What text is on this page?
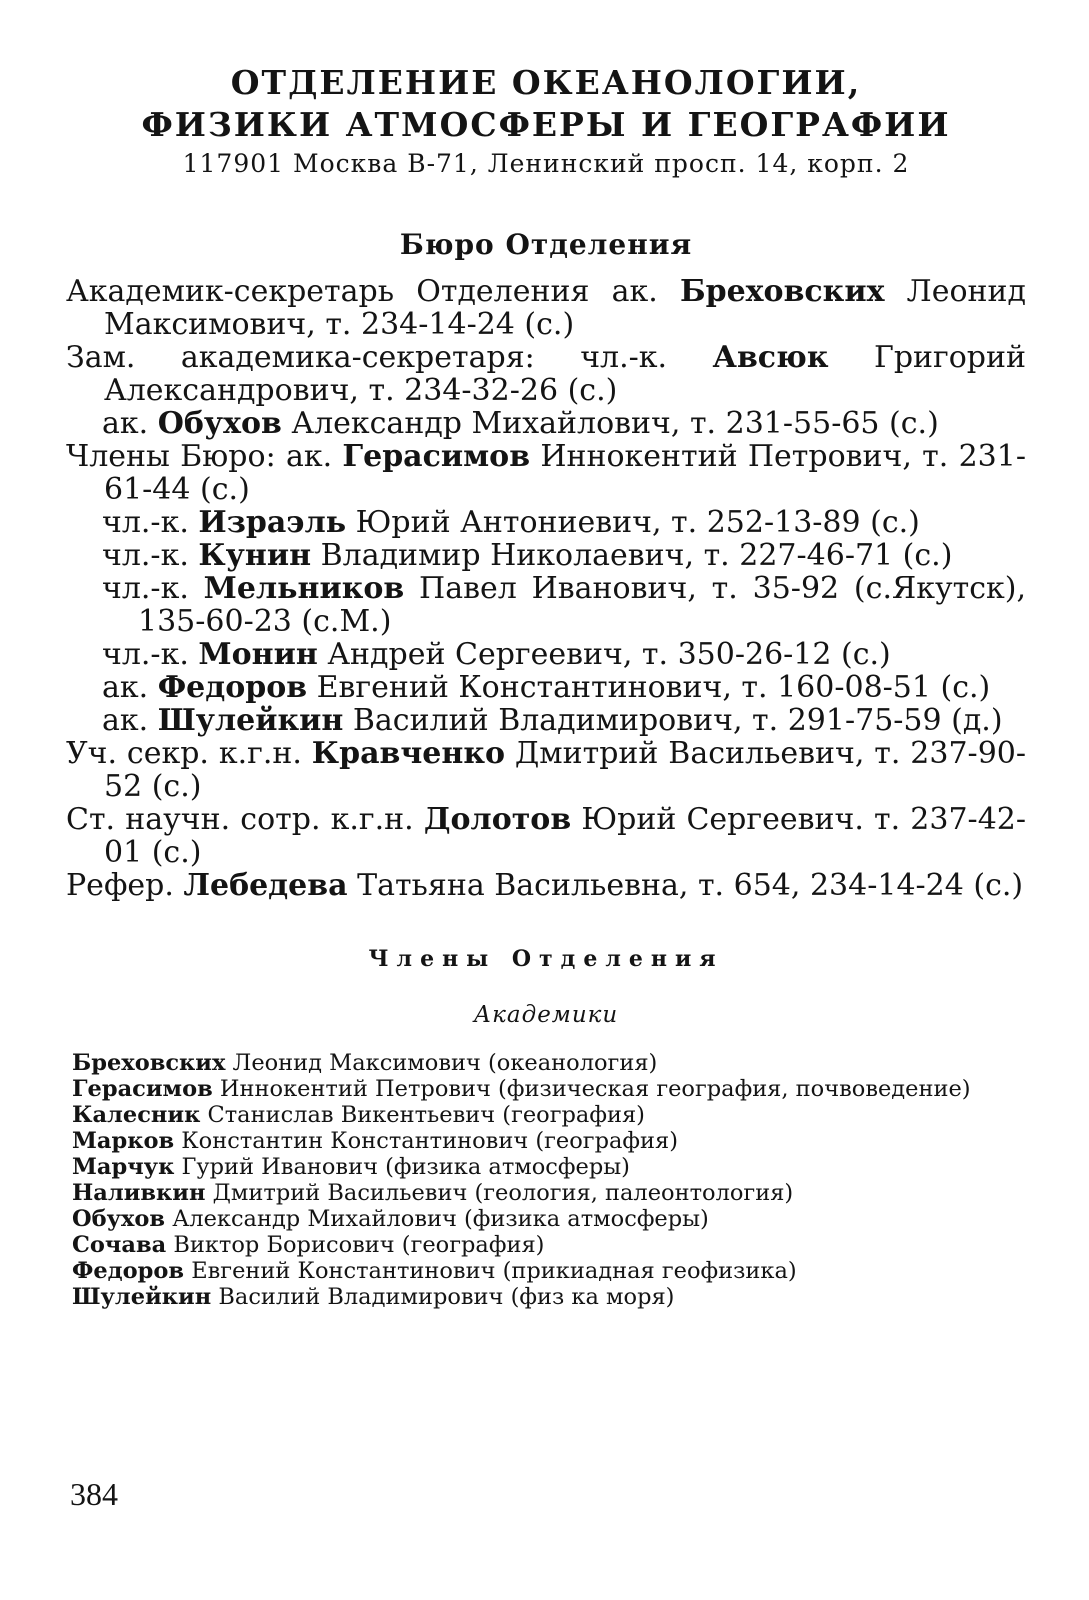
ОТДЕЛЕНИЕ ОКЕАНОЛОГИИ,
ФИЗИКИ АТМОСФЕРЫ И ГЕОГРАФИИ
117901 Москва В-71, Ленинский просп. 14, корп. 2
Бюро Отделения

Академик-секретарь Отделения ак. Бреховских Леонид Максимович, т. 234-14-24 (с.)

Зам. академика-секретаря: чл.-к. Авсюк Григорий Александрович, т. 234-32-26 (с.)

ак. Обухов Александр Михайлович, т. 231-55-65 (с.)

Члены Бюро: ак. Герасимов Иннокентий Петрович, т. 231-61-44 (с.)

чл.-к. Израэль Юрий Антониевич, т. 252-13-89 (с.)

чл.-к. Кунин Владимир Николаевич, т. 227-46-71 (с.)

чл.-к. Мельников Павел Иванович, т. 35-92 (с.Якутск), 135-60-23 (с.М.)

чл.-к. Монин Андрей Сергеевич, т. 350-26-12 (с.)

ак. Федоров Евгений Константинович, т. 160-08-51 (с.)

ак. Шулейкин Василий Владимирович, т. 291-75-59 (д.)

Уч. секр. к.г.н. Кравченко Дмитрий Васильевич, т. 237-90-52 (с.)

Ст. научн. сотр. к.г.н. Долотов Юрий Сергеевич. т. 237-42-01 (с.)

Рефер. Лебедева Татьяна Васильевна, т. 654, 234-14-24 (с.)

Члены Отделения
Академики
Бреховских Леонид Максимович (океанология)
Герасимов Иннокентий Петрович (физическая география, почвоведение)
Калесник Станислав Викентьевич (география)
Марков Константин Константинович (география)
Марчук Гурий Иванович (физика атмосферы)
Наливкин Дмитрий Васильевич (геология, палеонтология)
Обухов Александр Михайлович (физика атмосферы)
Сочава Виктор Борисович (география)
Федоров Евгений Константинович (прикиадная геофизика)
Шулейкин Василий Владимирович (физ ка моря)
384
